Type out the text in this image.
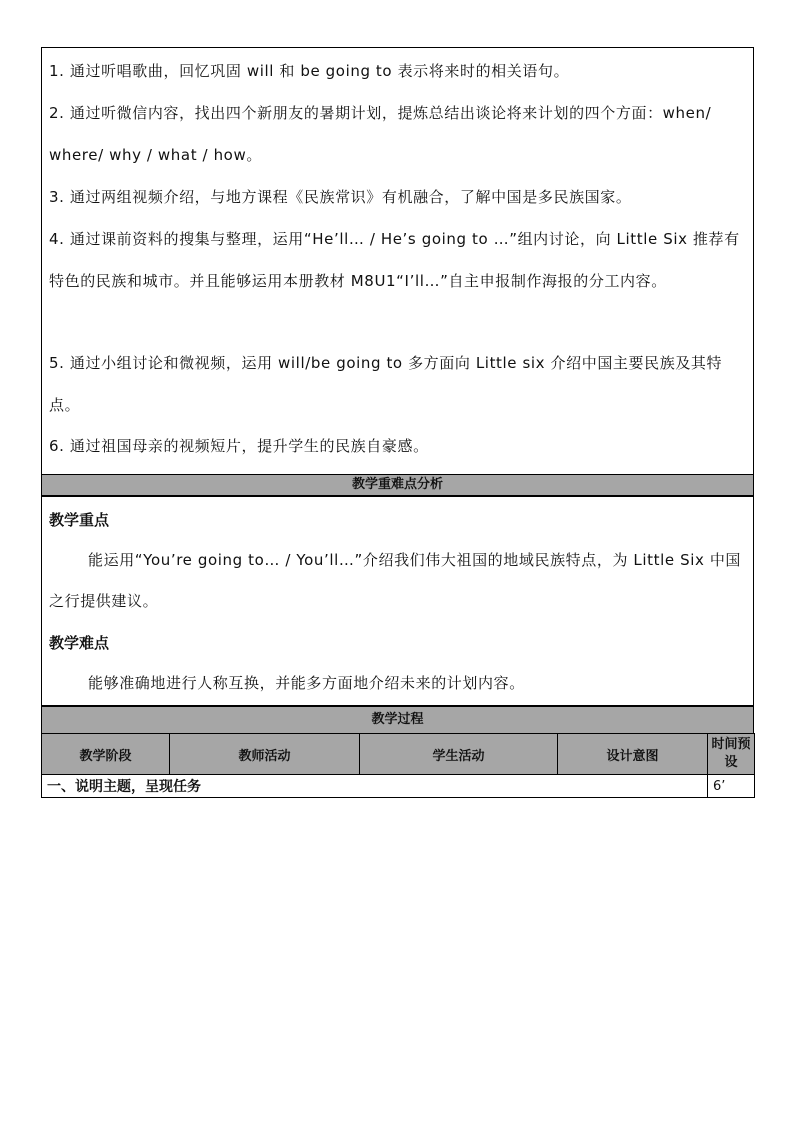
1. 通过听唱歌曲，回忆巩固 will 和 be going to 表示将来时的相关语句。
2. 通过听微信内容，找出四个新朋友的暑期计划，提炼总结出谈论将来计划的四个方面：when/ where/ why / what / how。
3. 通过两组视频介绍，与地方课程《民族常识》有机融合，了解中国是多民族国家。
4. 通过课前资料的搜集与整理，运用“He’ll… / He’s going to …”组内讨论，向 Little Six 推荐有特色的民族和城市。并且能够运用本册教材 M8U1“I’ll…”自主申报制作海报的分工内容。
5. 通过小组讨论和微视频，运用 will/be going to 多方面向 Little six 介绍中国主要民族及其特点。
6. 通过祖国母亲的视频短片，提升学生的民族自豪感。
教学重难点分析
教学重点
能运用“You’re going to… / You’ll…”介绍我们伟大祖国的地域民族特点，为 Little Six 中国之行提供建议。
教学难点
能够准确地进行人称互换，并能多方面地介绍未来的计划内容。
教学过程
教学阶段	教师活动	学生活动	设计意图	时间预设
一、说明主题，呈现任务				6’
